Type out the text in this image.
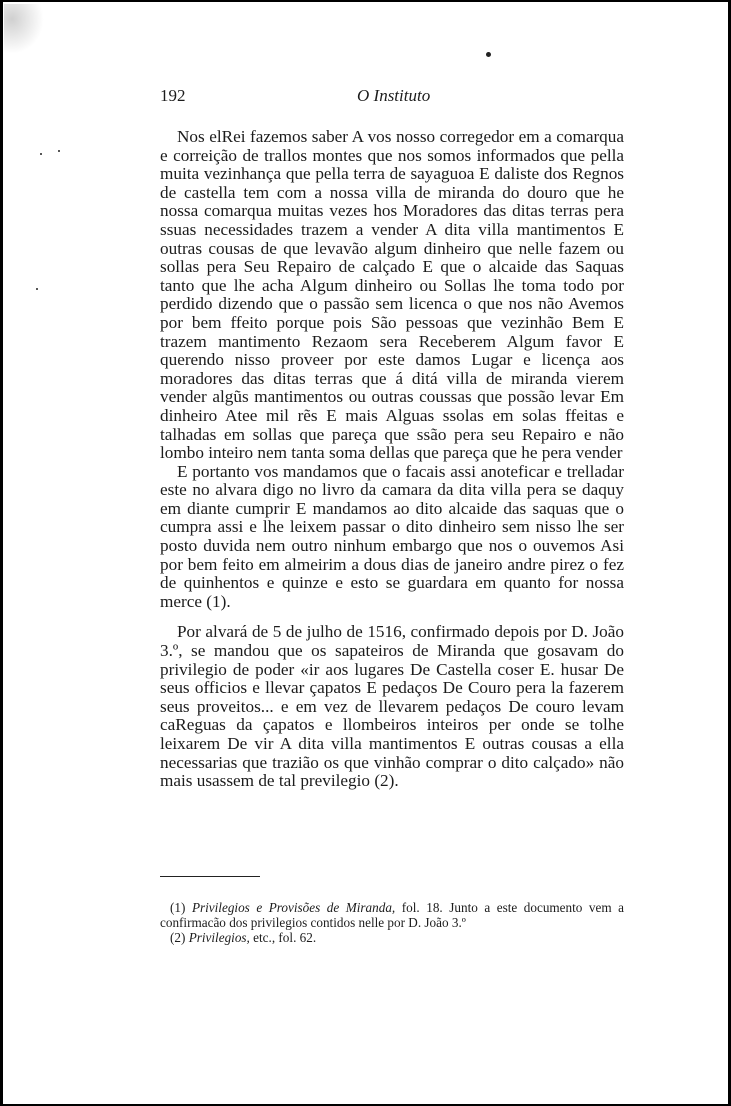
192	O Instituto

Nos elRei fazemos saber A vos nosso corregedor em a comarqua e correição de trallos montes que nos somos informados que pella muita vezinhança que pella terra de sayaguoa E daliste dos Regnos de castella tem com a nossa villa de miranda do douro que he nossa comarqua muitas vezes hos Moradores das ditas terras pera ssuas necessidades trazem a vender A dita villa mantimentos E outras cousas de que levavão algum dinheiro que nelle fazem ou sollas pera Seu Repairo de calçado E que o alcaide das Saquas tanto que lhe acha Algum dinheiro ou Sollas lhe toma todo por perdido dizendo que o passão sem licenca o que nos não Avemos por bem ffeito porque pois São pessoas que vezinhão Bem E trazem mantimento Rezaom sera Receberem Algum favor E querendo nisso proveer por este damos Lugar e licença aos moradores das ditas terras que á ditá villa de miranda vierem vender algũs mantimentos ou outras coussas que possão levar Em dinheiro Atee mil rẽs E mais Alguas ssolas em solas ffeitas e talhadas em sollas que pareça que ssão pera seu Repairo e não lombo inteiro nem tanta soma dellas que pareça que he pera vender

E portanto vos mandamos que o facais assi anoteficar e trelladar este no alvara digo no livro da camara da dita villa pera se daquy em diante cumprir E mandamos ao dito alcaide das saquas que o cumpra assi e lhe leixem passar o dito dinheiro sem nisso lhe ser posto duvida nem outro ninhum embargo que nos o ouvemos Asi por bem feito em almeirim a dous dias de janeiro andre pirez o fez de quinhentos e quinze e esto se guardara em quanto for nossa merce (1).

Por alvará de 5 de julho de 1516, confirmado depois por D. João 3.º, se mandou que os sapateiros de Miranda que gosavam do privilegio de poder «ir aos lugares De Castella coser E. husar De seus officios e llevar çapatos E pedaços De Couro pera la fazerem seus proveitos... e em vez de llevarem pedaços De couro levam caReguas da çapatos e llombeiros inteiros per onde se tolhe leixarem De vir A dita villa mantimentos E outras cousas a ella necessarias que trazião os que vinhão comprar o dito calçado» não mais usassem de tal previlegio (2).

(1) Privilegios e Provisões de Miranda, fol. 18. Junto a este documento vem a confirmacão dos privilegios contidos nelle por D. João 3.º

(2) Privilegios, etc., fol. 62.
